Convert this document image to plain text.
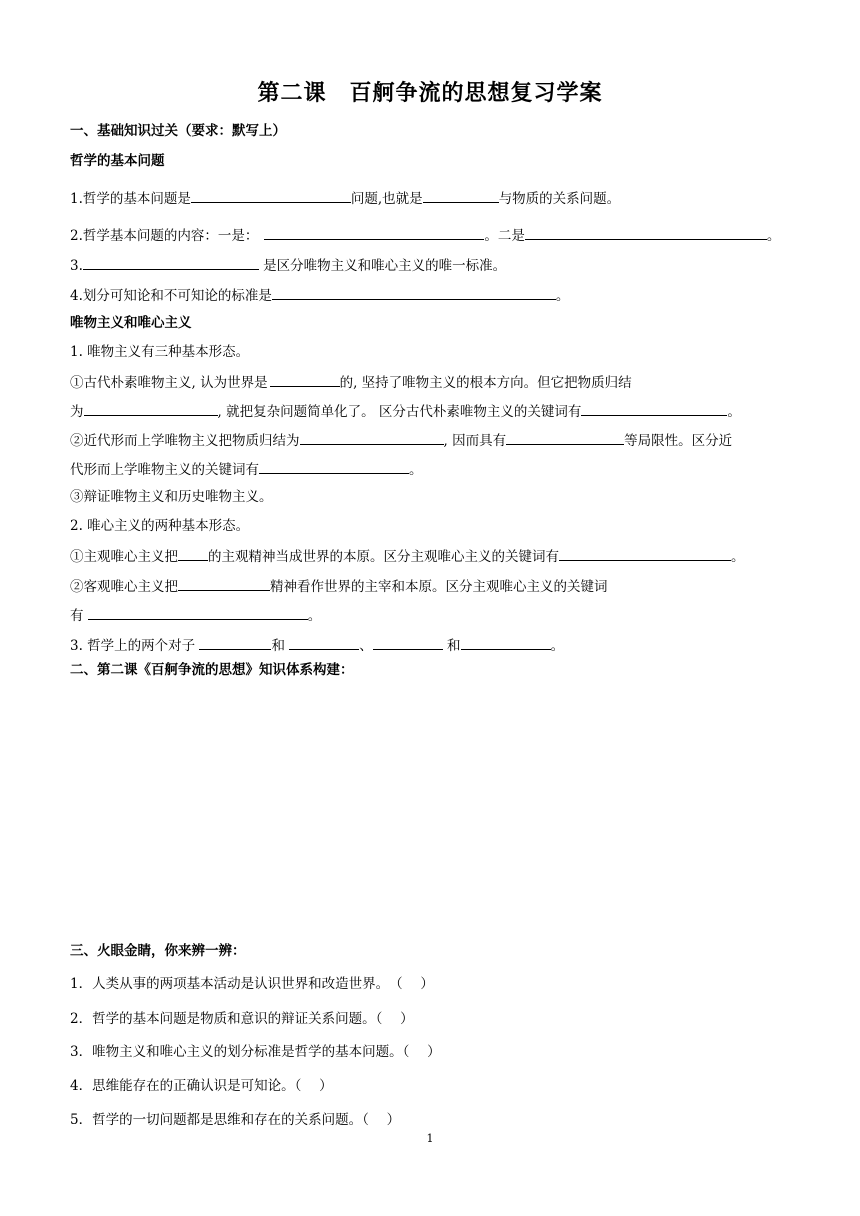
第二课　百舸争流的思想复习学案
一、基础知识过关（要求：默写上）
哲学的基本问题
1.哲学的基本问题是	问题,也就是	与物质的关系问题。
2.哲学基本问题的内容：一是：	。二是	。
3.	是区分唯物主义和唯心主义的唯一标准。
4.划分可知论和不可知论的标准是	。
唯物主义和唯心主义
1. 唯物主义有三种基本形态。
①古代朴素唯物主义, 认为世界是	的, 坚持了唯物主义的根本方向。但它把物质归结
为	, 就把复杂问题简单化了。 区分古代朴素唯物主义的关键词有	。
②近代形而上学唯物主义把物质归结为	, 因而具有	等局限性。区分近
代形而上学唯物主义的关键词有	。
③辩证唯物主义和历史唯物主义。
2. 唯心主义的两种基本形态。
①主观唯心主义把 的主观精神当成世界的本原。区分主观唯心主义的关键词有	。
②客观唯心主义把	精神看作世界的主宰和本原。区分主观唯心主义的关键词
有	。
3. 哲学上的两个对子	和	、	和	。
二、第二课《百舸争流的思想》知识体系构建：
三、火眼金睛，你来辨一辨：
1．人类从事的两项基本活动是认识世界和改造世界。　（　 ）
2．哲学的基本问题是物质和意识的辩证关系问题。（　 ）
3．唯物主义和唯心主义的划分标准是哲学的基本问题。（　 ）
4．思维能存在的正确认识是可知论。（　 ）
5．哲学的一切问题都是思维和存在的关系问题。（　 ）
1
